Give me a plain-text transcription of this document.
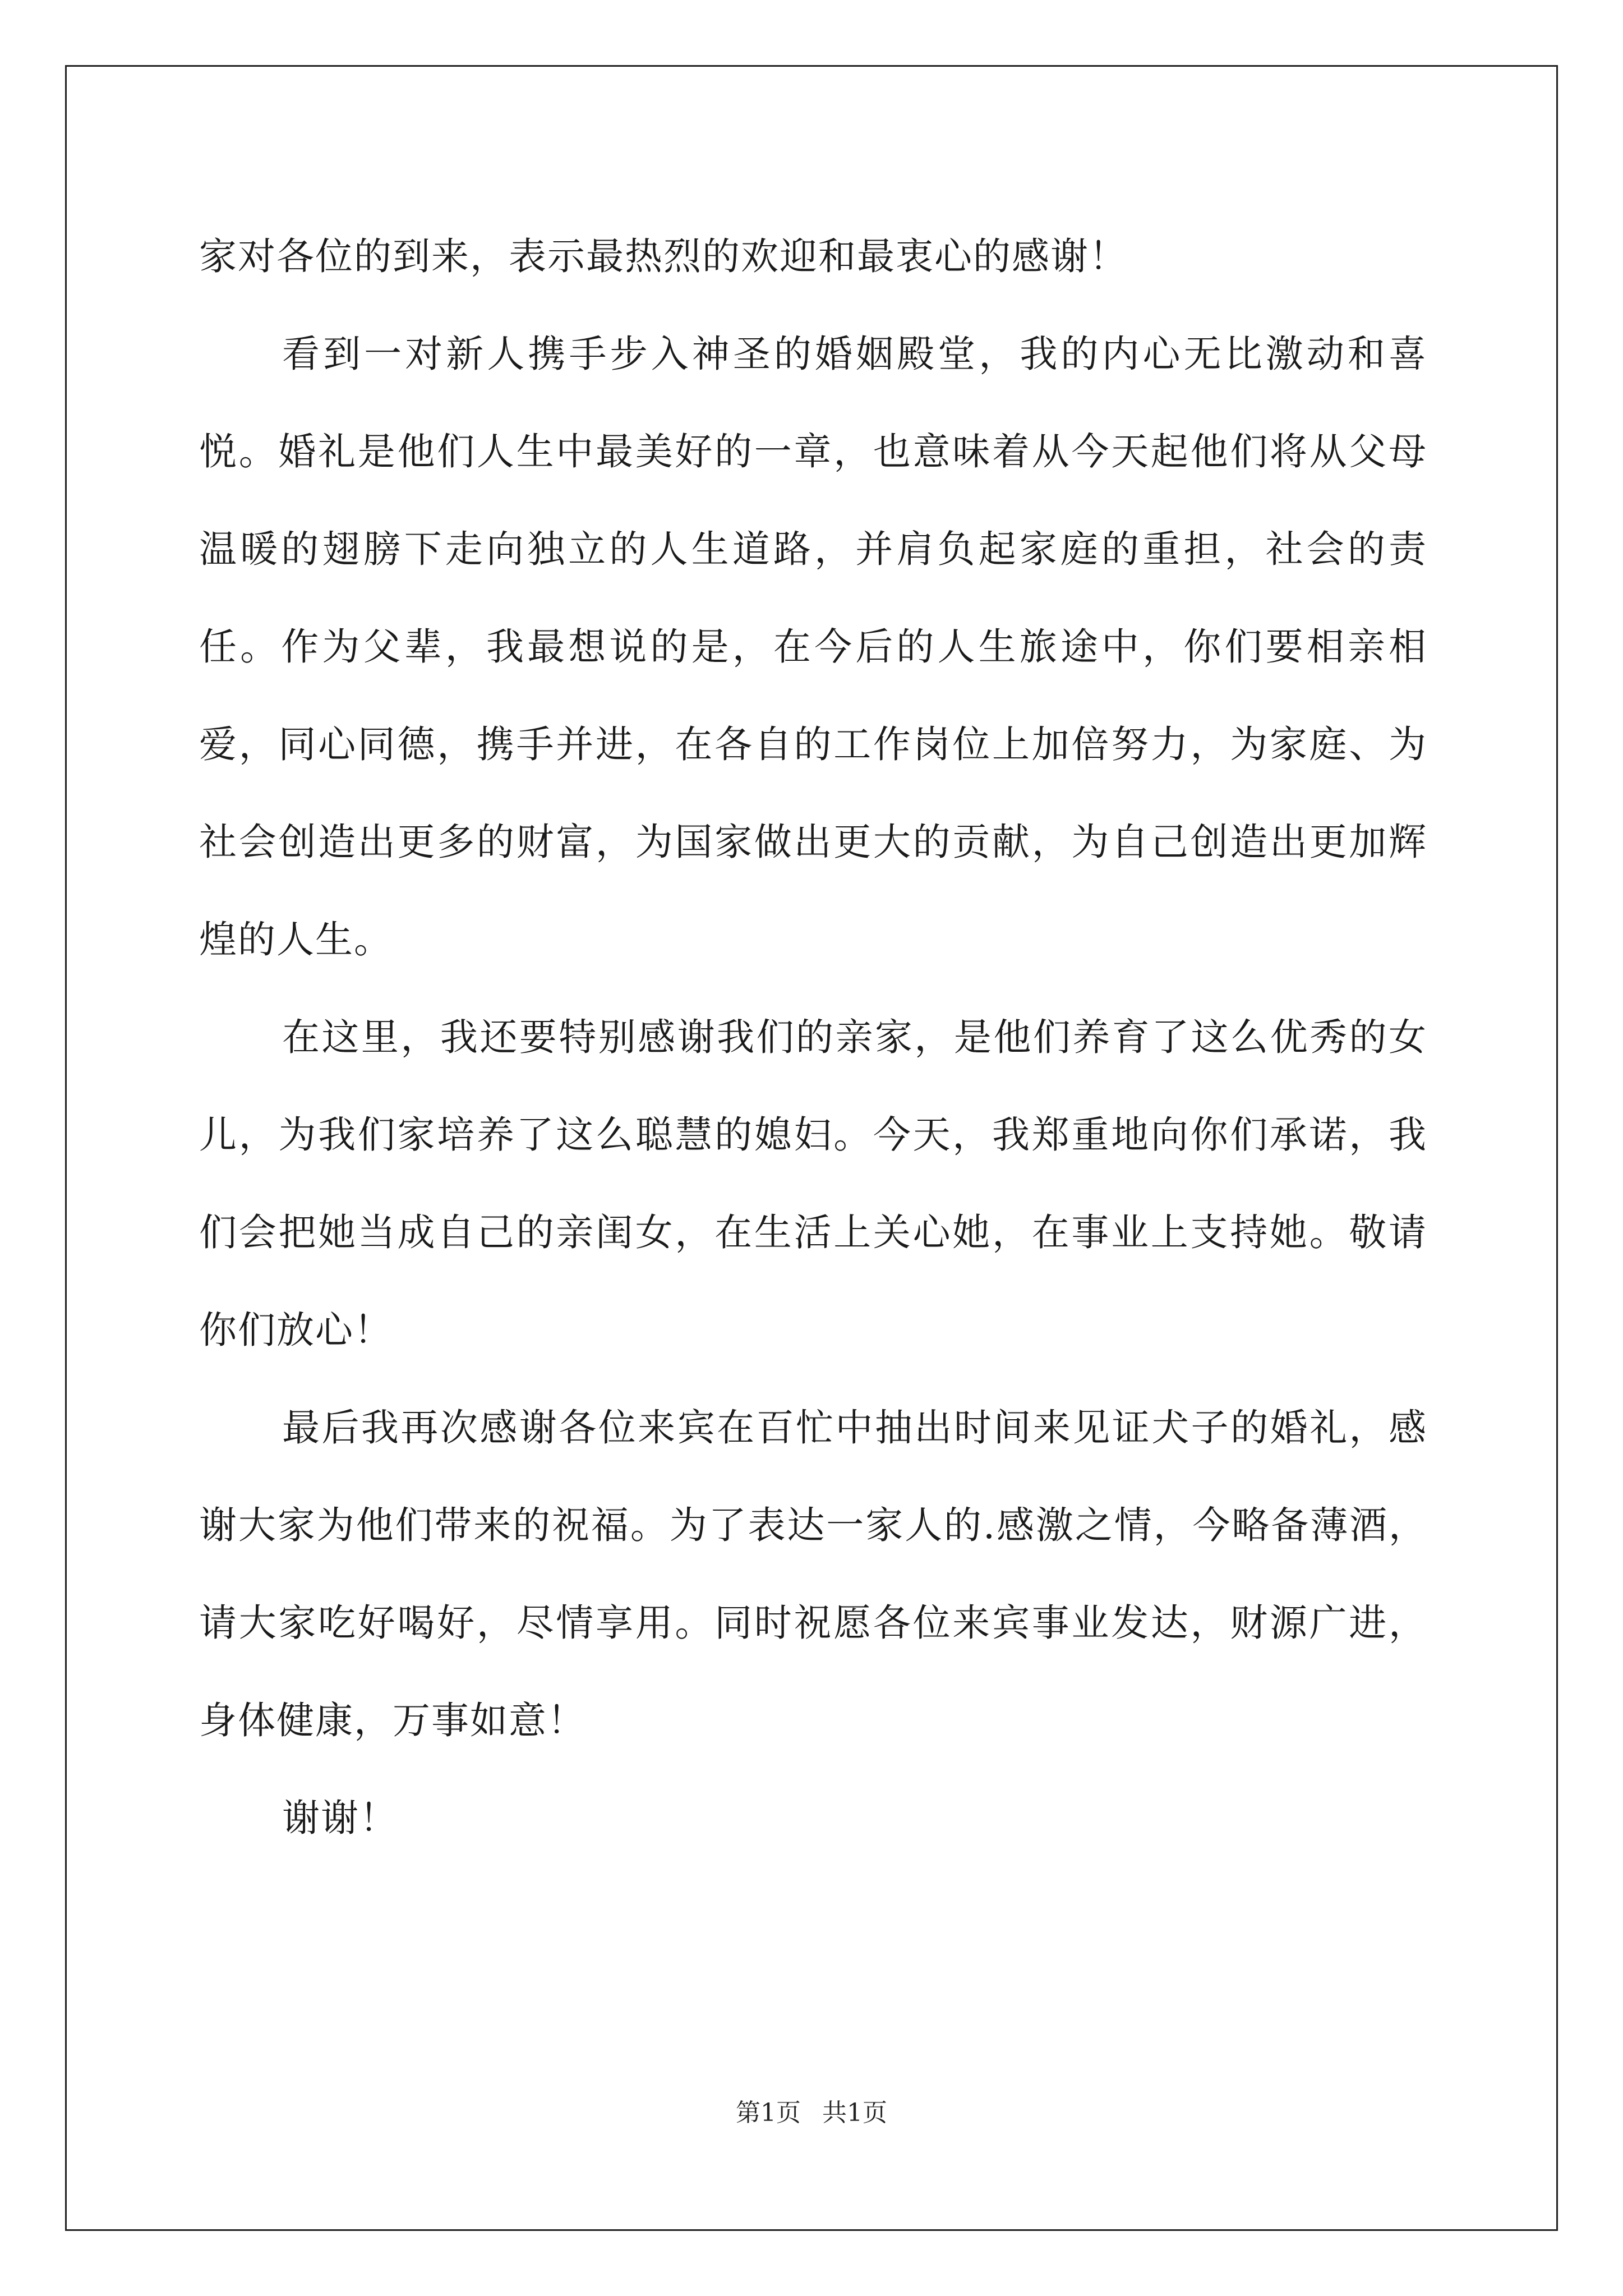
家对各位的到来，表示最热烈的欢迎和最衷心的感谢！

看到一对新人携手步入神圣的婚姻殿堂，我的内心无比激动和喜悦。婚礼是他们人生中最美好的一章，也意味着从今天起他们将从父母温暖的翅膀下走向独立的人生道路，并肩负起家庭的重担，社会的责任。作为父辈，我最想说的是，在今后的人生旅途中，你们要相亲相爱，同心同德，携手并进，在各自的工作岗位上加倍努力，为家庭、为社会创造出更多的财富，为国家做出更大的贡献，为自己创造出更加辉煌的人生。

在这里，我还要特别感谢我们的亲家，是他们养育了这么优秀的女儿，为我们家培养了这么聪慧的媳妇。今天，我郑重地向你们承诺，我们会把她当成自己的亲闺女，在生活上关心她，在事业上支持她。敬请你们放心！

最后我再次感谢各位来宾在百忙中抽出时间来见证犬子的婚礼，感谢大家为他们带来的祝福。为了表达一家人的.感激之情，今略备薄酒，请大家吃好喝好，尽情享用。同时祝愿各位来宾事业发达，财源广进，身体健康，万事如意！

谢谢！

第1页 共1页
